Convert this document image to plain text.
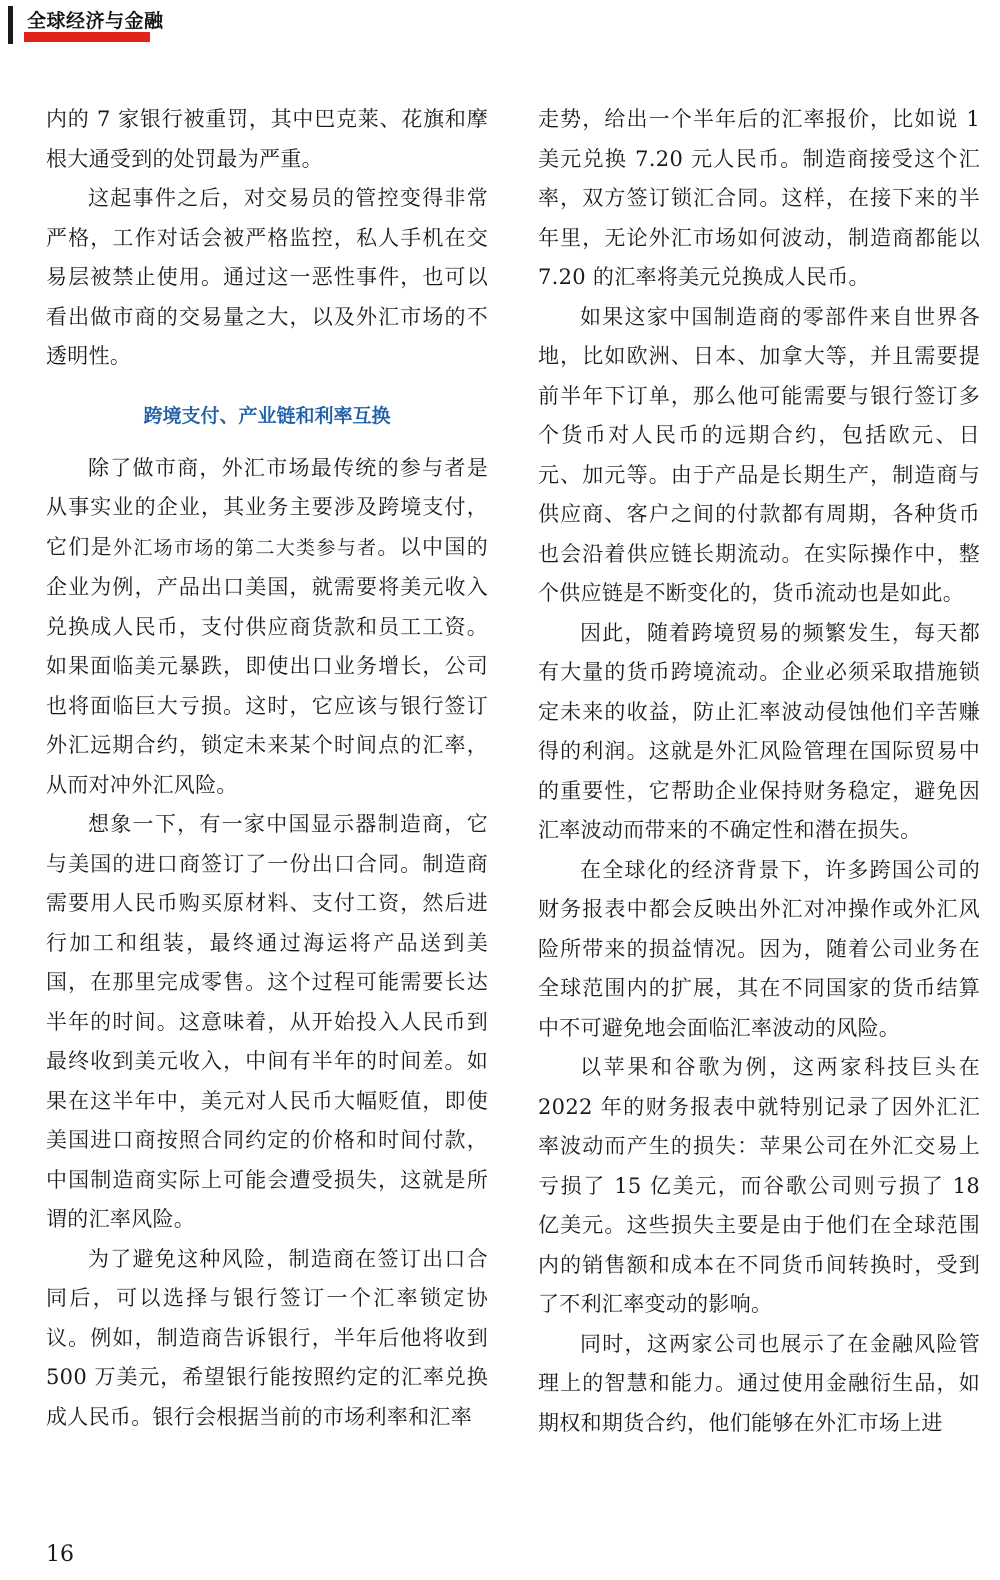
全球经济与金融

内的 7 家银行被重罚，其中巴克莱、花旗和摩根大通受到的处罚最为严重。

这起事件之后，对交易员的管控变得非常严格，工作对话会被严格监控，私人手机在交易层被禁止使用。通过这一恶性事件，也可以看出做市商的交易量之大，以及外汇市场的不透明性。

跨境支付、产业链和利率互换

除了做市商，外汇市场最传统的参与者是从事实业的企业，其业务主要涉及跨境支付，它们是外汇场市场的第二大类参与者。以中国的企业为例，产品出口美国，就需要将美元收入兑换成人民币，支付供应商货款和员工工资。如果面临美元暴跌，即使出口业务增长，公司也将面临巨大亏损。这时，它应该与银行签订外汇远期合约，锁定未来某个时间点的汇率，从而对冲外汇风险。

想象一下，有一家中国显示器制造商，它与美国的进口商签订了一份出口合同。制造商需要用人民币购买原材料、支付工资，然后进行加工和组装，最终通过海运将产品送到美国，在那里完成零售。这个过程可能需要长达半年的时间。这意味着，从开始投入人民币到最终收到美元收入，中间有半年的时间差。如果在这半年中，美元对人民币大幅贬值，即使美国进口商按照合同约定的价格和时间付款，中国制造商实际上可能会遭受损失，这就是所谓的汇率风险。

为了避免这种风险，制造商在签订出口合同后，可以选择与银行签订一个汇率锁定协议。例如，制造商告诉银行，半年后他将收到 500 万美元，希望银行能按照约定的汇率兑换成人民币。银行会根据当前的市场利率和汇率

走势，给出一个半年后的汇率报价，比如说 1 美元兑换 7.20 元人民币。制造商接受这个汇率，双方签订锁汇合同。这样，在接下来的半年里，无论外汇市场如何波动，制造商都能以 7.20 的汇率将美元兑换成人民币。

如果这家中国制造商的零部件来自世界各地，比如欧洲、日本、加拿大等，并且需要提前半年下订单，那么他可能需要与银行签订多个货币对人民币的远期合约，包括欧元、日元、加元等。由于产品是长期生产，制造商与供应商、客户之间的付款都有周期，各种货币也会沿着供应链长期流动。在实际操作中，整个供应链是不断变化的，货币流动也是如此。

因此，随着跨境贸易的频繁发生，每天都有大量的货币跨境流动。企业必须采取措施锁定未来的收益，防止汇率波动侵蚀他们辛苦赚得的利润。这就是外汇风险管理在国际贸易中的重要性，它帮助企业保持财务稳定，避免因汇率波动而带来的不确定性和潜在损失。

在全球化的经济背景下，许多跨国公司的财务报表中都会反映出外汇对冲操作或外汇风险所带来的损益情况。因为，随着公司业务在全球范围内的扩展，其在不同国家的货币结算中不可避免地会面临汇率波动的风险。

以苹果和谷歌为例，这两家科技巨头在 2022 年的财务报表中就特别记录了因外汇汇率波动而产生的损失：苹果公司在外汇交易上亏损了 15 亿美元，而谷歌公司则亏损了 18 亿美元。这些损失主要是由于他们在全球范围内的销售额和成本在不同货币间转换时，受到了不利汇率变动的影响。

同时，这两家公司也展示了在金融风险管理上的智慧和能力。通过使用金融衍生品，如期权和期货合约，他们能够在外汇市场上进

16
